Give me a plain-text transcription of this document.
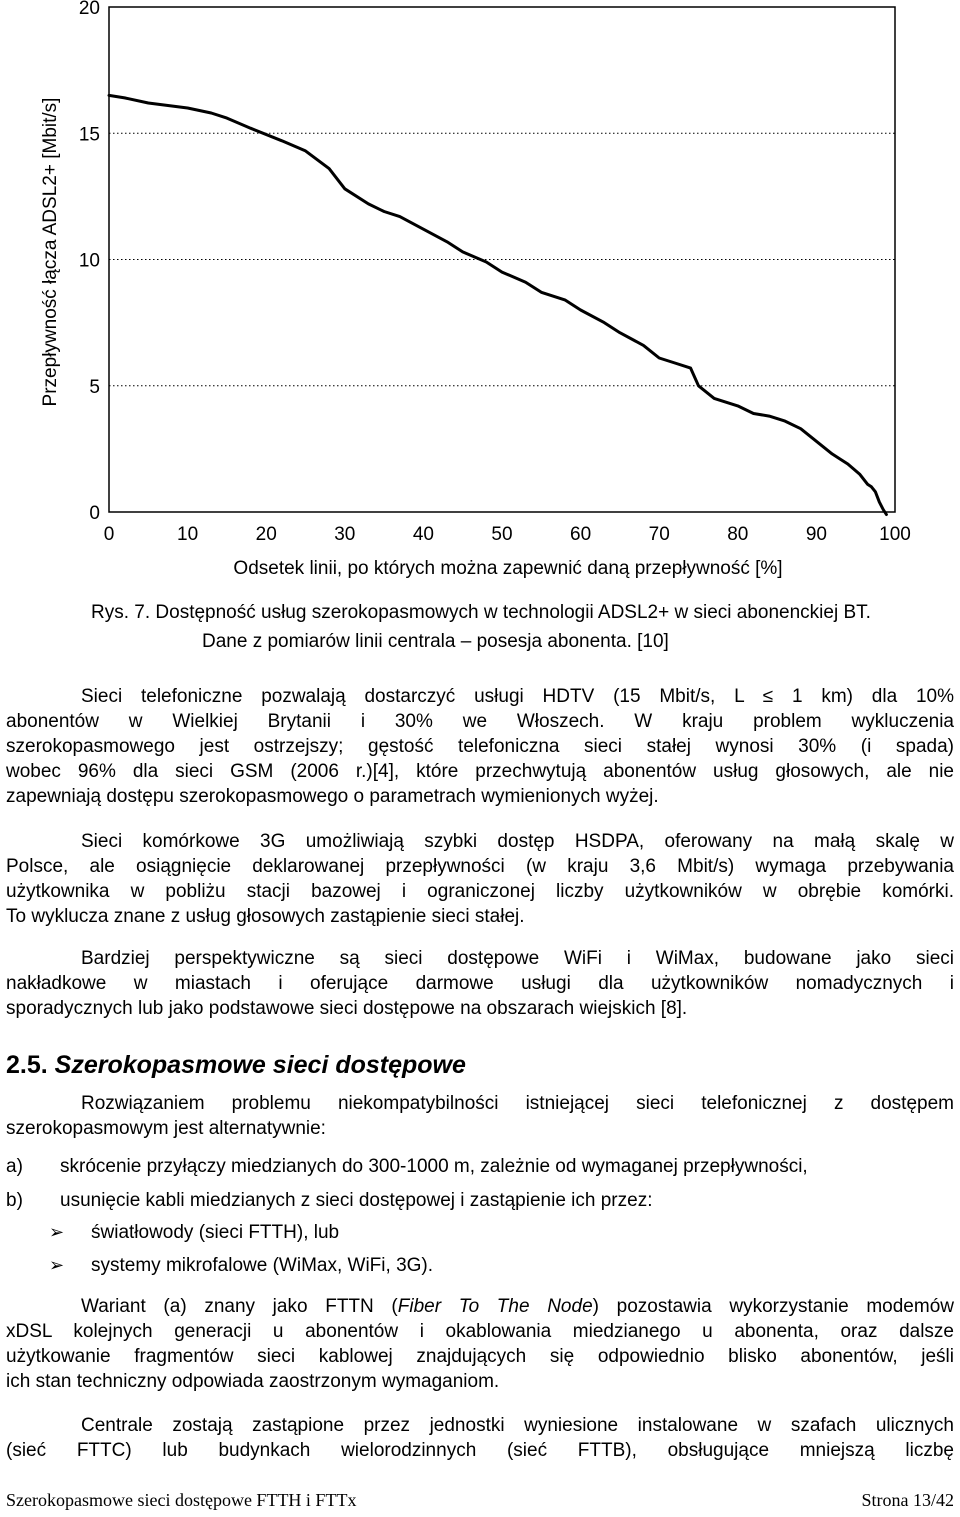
0
5
10
15
20
0	10	20	30	40	50	60	70	80	90	100
Przepływność łącza ADSL2+ [Mbit/s]
Odsetek linii, po których można zapewnić daną przepływność [%]
Rys. 7. Dostępność usług szerokopasmowych w technologii ADSL2+ w sieci abonenckiej BT.
Dane z pomiarów linii centrala – posesja abonenta. [10]
Sieci telefoniczne pozwalają dostarczyć usługi HDTV (15 Mbit/s, L ≤ 1 km) dla 10%
abonentów w Wielkiej Brytanii i 30% we Włoszech. W kraju problem wykluczenia
szerokopasmowego jest ostrzejszy; gęstość telefoniczna sieci stałej wynosi 30% (i spada)
wobec 96% dla sieci GSM (2006 r.)[4], które przechwytują abonentów usług głosowych, ale nie
zapewniają dostępu szerokopasmowego o parametrach wymienionych wyżej.
Sieci komórkowe 3G umożliwiają szybki dostęp HSDPA, oferowany na małą skalę w
Polsce, ale osiągnięcie deklarowanej przepływności (w kraju 3,6 Mbit/s) wymaga przebywania
użytkownika w pobliżu stacji bazowej i ograniczonej liczby użytkowników w obrębie komórki.
To wyklucza znane z usług głosowych zastąpienie sieci stałej.
Bardziej perspektywiczne są sieci dostępowe WiFi i WiMax, budowane jako sieci
nakładkowe w miastach i oferujące darmowe usługi dla użytkowników nomadycznych i
sporadycznych lub jako podstawowe sieci dostępowe na obszarach wiejskich [8].
2.5. Szerokopasmowe sieci dostępowe
Rozwiązaniem problemu niekompatybilności istniejącej sieci telefonicznej z dostępem
szerokopasmowym jest alternatywnie:
a) skrócenie przyłączy miedzianych do 300-1000 m, zależnie od wymaganej przepływności,
b) usunięcie kabli miedzianych z sieci dostępowej i zastąpienie ich przez:
➢ światłowody (sieci FTTH), lub
➢ systemy mikrofalowe (WiMax, WiFi, 3G).
Wariant (a) znany jako FTTN (Fiber To The Node) pozostawia wykorzystanie modemów
xDSL kolejnych generacji u abonentów i okablowania miedzianego u abonenta, oraz dalsze
użytkowanie fragmentów sieci kablowej znajdujących się odpowiednio blisko abonentów, jeśli
ich stan techniczny odpowiada zaostrzonym wymaganiom.
Centrale zostają zastąpione przez jednostki wyniesione instalowane w szafach ulicznych
(sieć FTTC) lub budynkach wielorodzinnych (sieć FTTB), obsługujące mniejszą liczbę
Szerokopasmowe sieci dostępowe FTTH i FTTx	Strona 13/42
